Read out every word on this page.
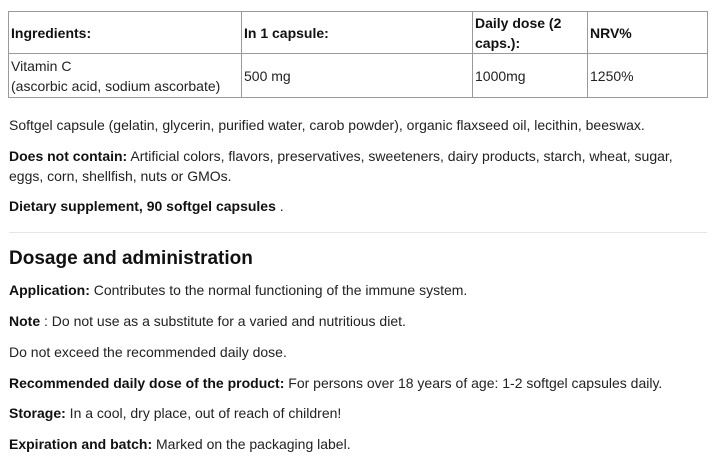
Ingredients:	In 1 capsule:	Daily dose (2 caps.):	NRV%
Vitamin C
(ascorbic acid, sodium ascorbate)	500 mg	1000mg	1250%
Softgel capsule (gelatin, glycerin, purified water, carob powder), organic flaxseed oil, lecithin, beeswax.
Does not contain: Artificial colors, flavors, preservatives, sweeteners, dairy products, starch, wheat, sugar, eggs, corn, shellfish, nuts or GMOs.
Dietary supplement, 90 softgel capsules .
Dosage and administration
Application: Contributes to the normal functioning of the immune system.
Note : Do not use as a substitute for a varied and nutritious diet.
Do not exceed the recommended daily dose.
Recommended daily dose of the product: For persons over 18 years of age: 1-2 softgel capsules daily.
Storage: In a cool, dry place, out of reach of children!
Expiration and batch: Marked on the packaging label.
